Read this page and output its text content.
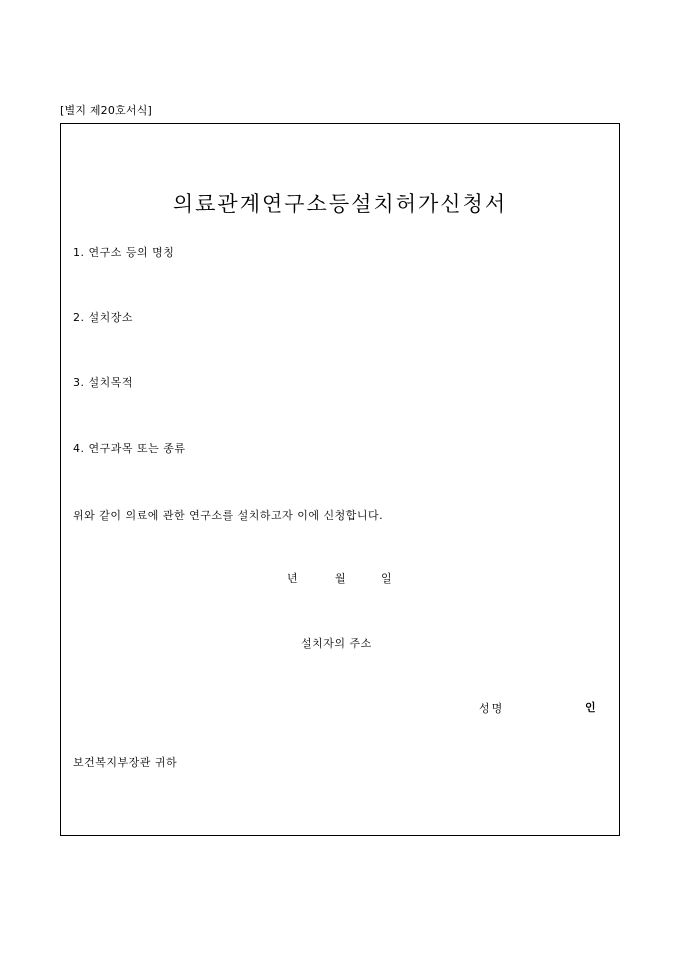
[별지 제20호서식]
의료관계연구소등설치허가신청서
1. 연구소 등의 명칭
2. 설치장소
3. 설치목적
4. 연구과목 또는 종류
위와 같이 의료에 관한 연구소를 설치하고자 이에 신청합니다.
년	월	일
설치자의 주소
성명	인
보건복지부장관 귀하
